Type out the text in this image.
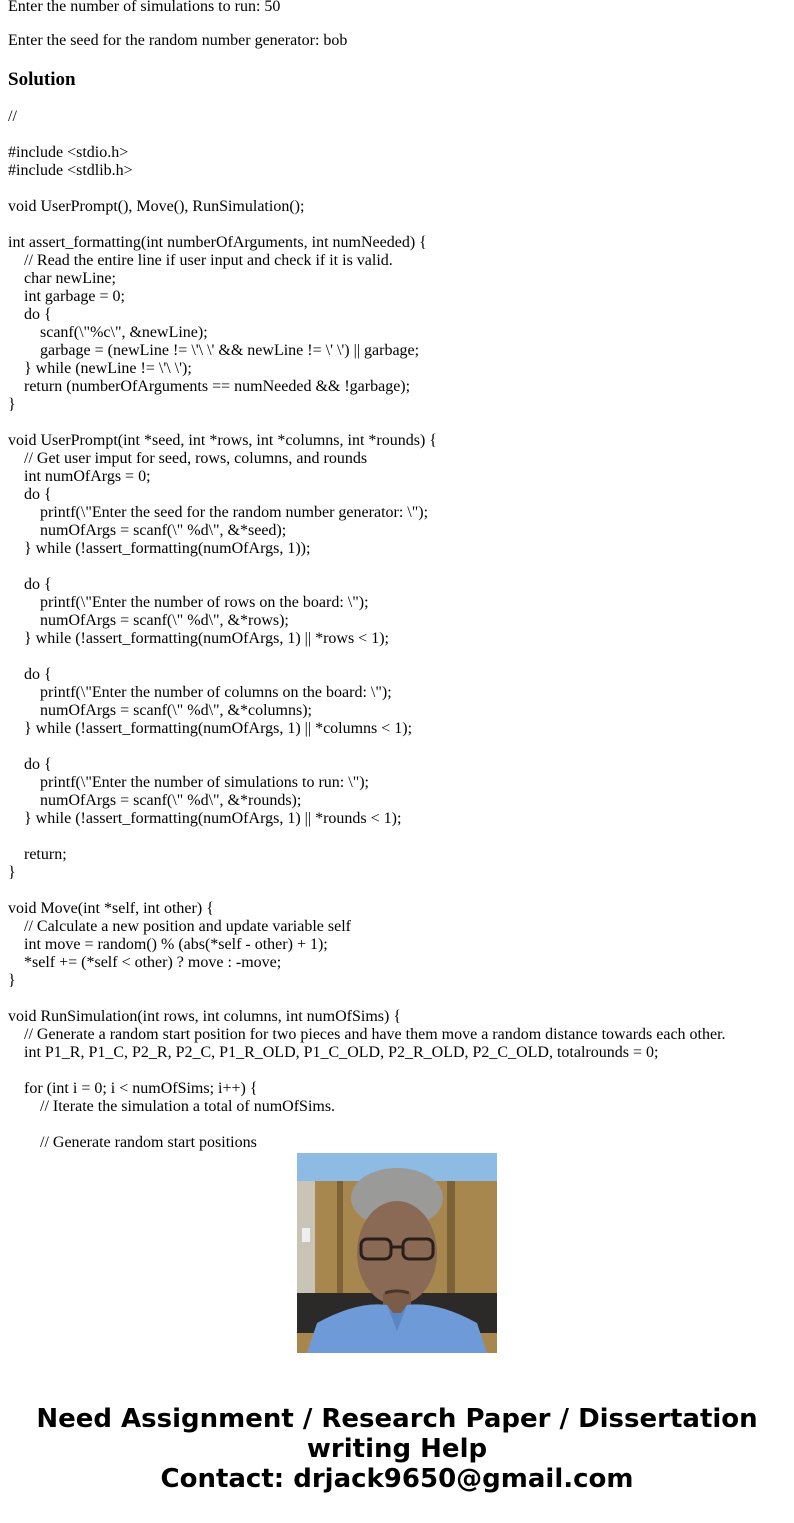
Enter the number of simulations to run: 50
Enter the seed for the random number generator: bob
Solution
//
#include <stdio.h>
#include <stdlib.h>
void UserPrompt(), Move(), RunSimulation();
int assert_formatting(int numberOfArguments, int numNeeded) {
// Read the entire line if user input and check if it is valid.
char newLine;
int garbage = 0;
do {
scanf(\"%c\", &newLine);
garbage = (newLine != \'\ \' && newLine != \' \') || garbage;
} while (newLine != \'\ \');
return (numberOfArguments == numNeeded && !garbage);
}
void UserPrompt(int *seed, int *rows, int *columns, int *rounds) {
// Get user imput for seed, rows, columns, and rounds
int numOfArgs = 0;
do {
printf(\"Enter the seed for the random number generator: \");
numOfArgs = scanf(\" %d\", &*seed);
} while (!assert_formatting(numOfArgs, 1));
do {
printf(\"Enter the number of rows on the board: \");
numOfArgs = scanf(\" %d\", &*rows);
} while (!assert_formatting(numOfArgs, 1) || *rows < 1);
do {
printf(\"Enter the number of columns on the board: \");
numOfArgs = scanf(\" %d\", &*columns);
} while (!assert_formatting(numOfArgs, 1) || *columns < 1);
do {
printf(\"Enter the number of simulations to run: \");
numOfArgs = scanf(\" %d\", &*rounds);
} while (!assert_formatting(numOfArgs, 1) || *rounds < 1);
return;
}
void Move(int *self, int other) {
// Calculate a new position and update variable self
int move = random() % (abs(*self - other) + 1);
*self += (*self < other) ? move : -move;
}
void RunSimulation(int rows, int columns, int numOfSims) {
// Generate a random start position for two pieces and have them move a random distance towards each other.
int P1_R, P1_C, P2_R, P2_C, P1_R_OLD, P1_C_OLD, P2_R_OLD, P2_C_OLD, totalrounds = 0;
for (int i = 0; i < numOfSims; i++) {
// Iterate the simulation a total of numOfSims.
// Generate random start positions
Need Assignment / Research Paper / Dissertation
writing Help
Contact: drjack9650@gmail.com
